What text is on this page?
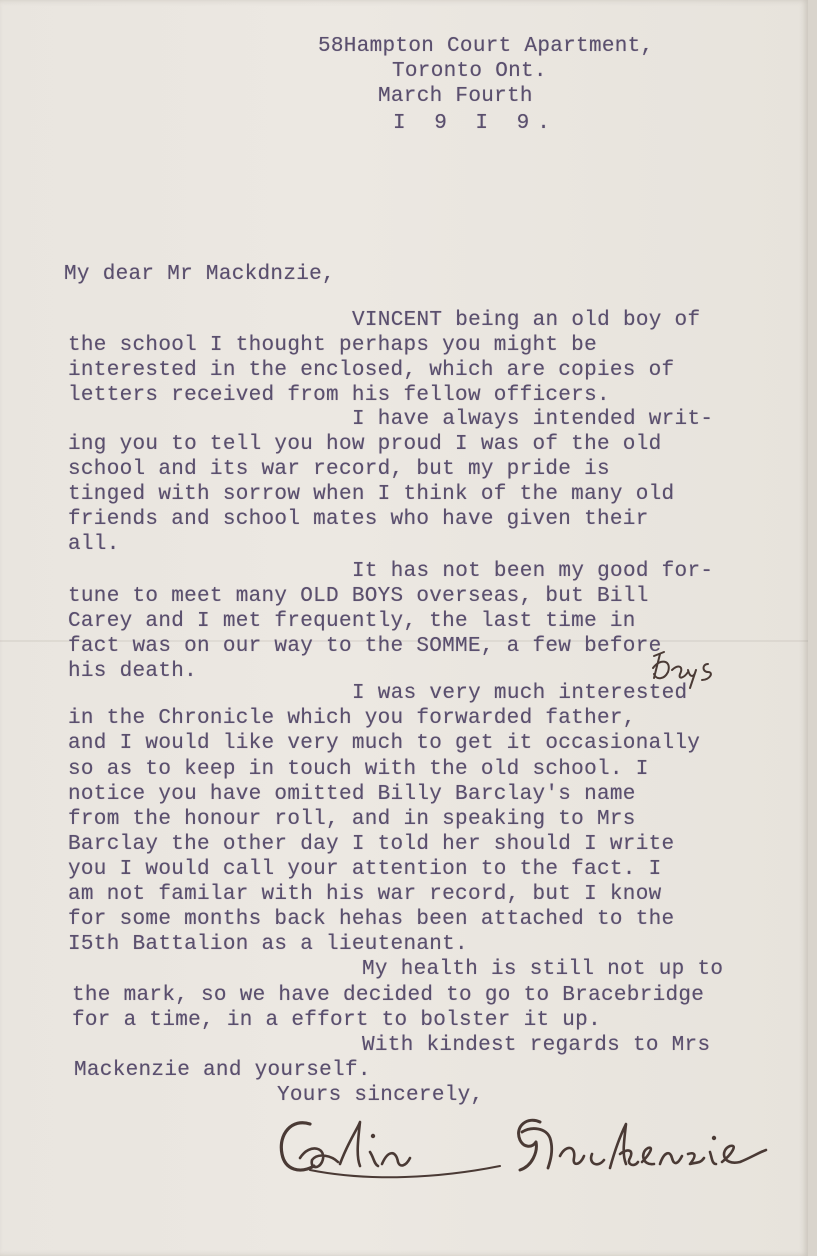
58Hampton Court Apartment,
Toronto Ont.
March Fourth
I 9 I 9.
My dear Mr Mackdnzie,
VINCENT being an old boy of
the school I thought perhaps you might be
interested in the enclosed, which are copies of
letters received from his fellow officers.
I have always intended writ-
ing you to tell you how proud I was of the old
school and its war record, but my pride is
tinged with sorrow when I think of the many old
friends and school mates who have given their
all.
It has not been my good for-
tune to meet many OLD BOYS overseas, but Bill
Carey and I met frequently, the last time in
fact was on our way to the SOMME, a few before
his death.
I was very much interested
in the Chronicle which you forwarded father,
and I would like very much to get it occasionally
so as to keep in touch with the old school. I
notice you have omitted Billy Barclay's name
from the honour roll, and in speaking to Mrs
Barclay the other day I told her should I write
you I would call your attention to the fact. I
am not familar with his war record, but I know
for some months back hehas been attached to the
I5th Battalion as a lieutenant.
My health is still not up to
the mark, so we have decided to go to Bracebridge
for a time, in a effort to bolster it up.
With kindest regards to Mrs
Mackenzie and yourself.
Yours sincerely,
